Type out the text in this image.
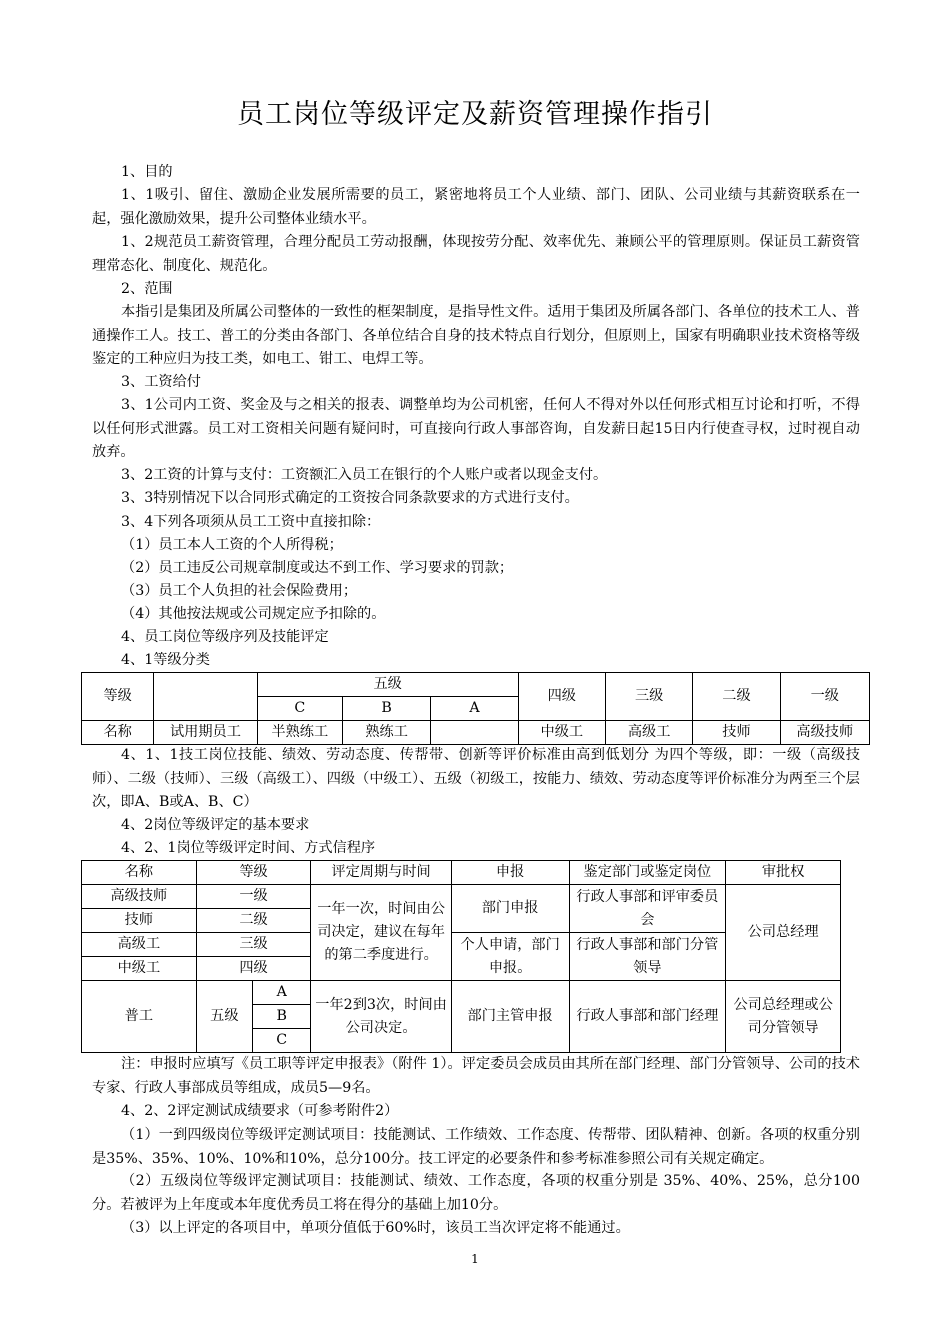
员工岗位等级评定及薪资管理操作指引

1、目的

1、1吸引、留住、激励企业发展所需要的员工，紧密地将员工个人业绩、部门、团队、公司业绩与其薪资联系在一起，强化激励效果，提升公司整体业绩水平。

1、2规范员工薪资管理，合理分配员工劳动报酬，体现按劳分配、效率优先、兼顾公平的管理原则。保证员工薪资管理常态化、制度化、规范化。

2、范围

本指引是集团及所属公司整体的一致性的框架制度，是指导性文件。适用于集团及所属各部门、各单位的技术工人、普通操作工人。技工、普工的分类由各部门、各单位结合自身的技术特点自行划分，但原则上，国家有明确职业技术资格等级鉴定的工种应归为技工类，如电工、钳工、电焊工等。

3、工资给付

3、1公司内工资、奖金及与之相关的报表、调整单均为公司机密，任何人不得对外以任何形式相互讨论和打听，不得以任何形式泄露。员工对工资相关问题有疑问时，可直接向行政人事部咨询，自发薪日起15日内行使查寻权，过时视自动放弃。

3、2工资的计算与支付：工资额汇入员工在银行的个人账户或者以现金支付。

3、3特别情况下以合同形式确定的工资按合同条款要求的方式进行支付。

3、4下列各项须从员工工资中直接扣除：

（1）员工本人工资的个人所得税；

（2）员工违反公司规章制度或达不到工作、学习要求的罚款；

（3）员工个人负担的社会保险费用；

（4）其他按法规或公司规定应予扣除的。

4、员工岗位等级序列及技能评定

4、1等级分类

等级		五级			四级	三级	二级	一级
		C	B	A				
名称	试用期员工	半熟练工	熟练工		中级工	高级工	技师	高级技师

4、1、1技工岗位技能、绩效、劳动态度、传帮带、创新等评价标准由高到低划分 为四个等级，即：一级（高级技师）、二级（技师）、三级（高级工）、四级（中级工）、五级（初级工，按能力、绩效、劳动态度等评价标准分为两至三个层次，即A、B或A、B、C）

4、2岗位等级评定的基本要求

4、2、1岗位等级评定时间、方式信程序

名称	等级		评定周期与时间	申报	鉴定部门或鉴定岗位	审批权
高级技师	一级		一年一次，时间由公司决定，建议在每年的第二季度进行。	部门申报	行政人事部和评审委员会	公司总经理
技师	二级					
高级工	三级			个人申请，部门申报。	行政人事部和部门分管领导	
中级工	四级					
普工	五级	A	一年2到3次，时间由公司决定。	部门主管申报	行政人事部和部门经理	公司总经理或公司分管领导
		B				
		C				

注：申报时应填写《员工职等评定申报表》（附件 1）。评定委员会成员由其所在部门经理、部门分管领导、公司的技术专家、行政人事部成员等组成，成员5—9名。

4、2、2评定测试成绩要求（可参考附件2）

（1）一到四级岗位等级评定测试项目：技能测试、工作绩效、工作态度、传帮带、团队精神、创新。各项的权重分别是35%、35%、10%、10%和10%，总分100分。技工评定的必要条件和参考标准参照公司有关规定确定。

（2）五级岗位等级评定测试项目：技能测试、绩效、工作态度，各项的权重分别是 35%、40%、25%，总分100分。若被评为上年度或本年度优秀员工将在得分的基础上加10分。

（3）以上评定的各项目中，单项分值低于60%时，该员工当次评定将不能通过。

1
